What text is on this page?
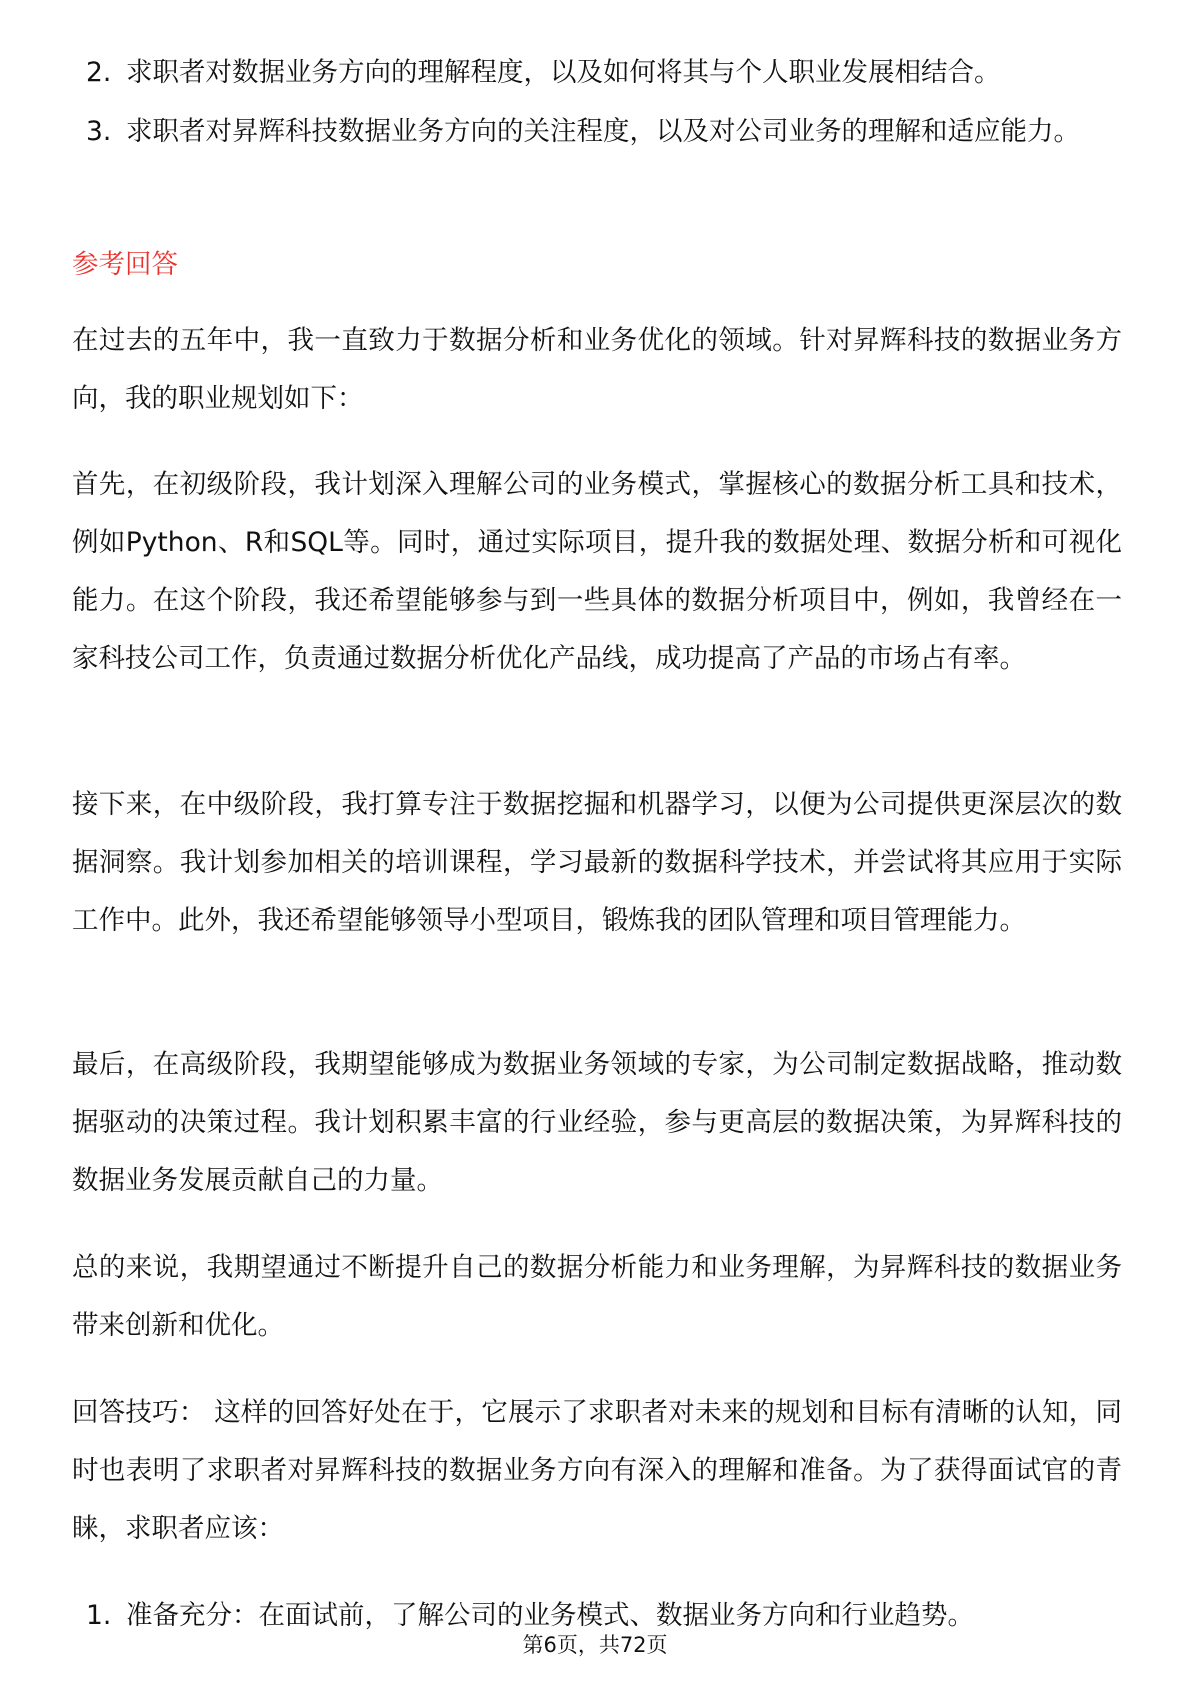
2. 求职者对数据业务方向的理解程度，以及如何将其与个人职业发展相结合。
3. 求职者对昇辉科技数据业务方向的关注程度，以及对公司业务的理解和适应能力。
参考回答
在过去的五年中，我一直致力于数据分析和业务优化的领域。针对昇辉科技的数据业务方向，我的职业规划如下：
首先，在初级阶段，我计划深入理解公司的业务模式，掌握核心的数据分析工具和技术，例如Python、R和SQL等。同时，通过实际项目，提升我的数据处理、数据分析和可视化能力。在这个阶段，我还希望能够参与到一些具体的数据分析项目中，例如，我曾经在一家科技公司工作，负责通过数据分析优化产品线，成功提高了产品的市场占有率。
接下来，在中级阶段，我打算专注于数据挖掘和机器学习，以便为公司提供更深层次的数据洞察。我计划参加相关的培训课程，学习最新的数据科学技术，并尝试将其应用于实际工作中。此外，我还希望能够领导小型项目，锻炼我的团队管理和项目管理能力。
最后，在高级阶段，我期望能够成为数据业务领域的专家，为公司制定数据战略，推动数据驱动的决策过程。我计划积累丰富的行业经验，参与更高层的数据决策，为昇辉科技的数据业务发展贡献自己的力量。
总的来说，我期望通过不断提升自己的数据分析能力和业务理解，为昇辉科技的数据业务带来创新和优化。
回答技巧： 这样的回答好处在于，它展示了求职者对未来的规划和目标有清晰的认知，同时也表明了求职者对昇辉科技的数据业务方向有深入的理解和准备。为了获得面试官的青睐，求职者应该：
1. 准备充分：在面试前，了解公司的业务模式、数据业务方向和行业趋势。
第6页，共72页
